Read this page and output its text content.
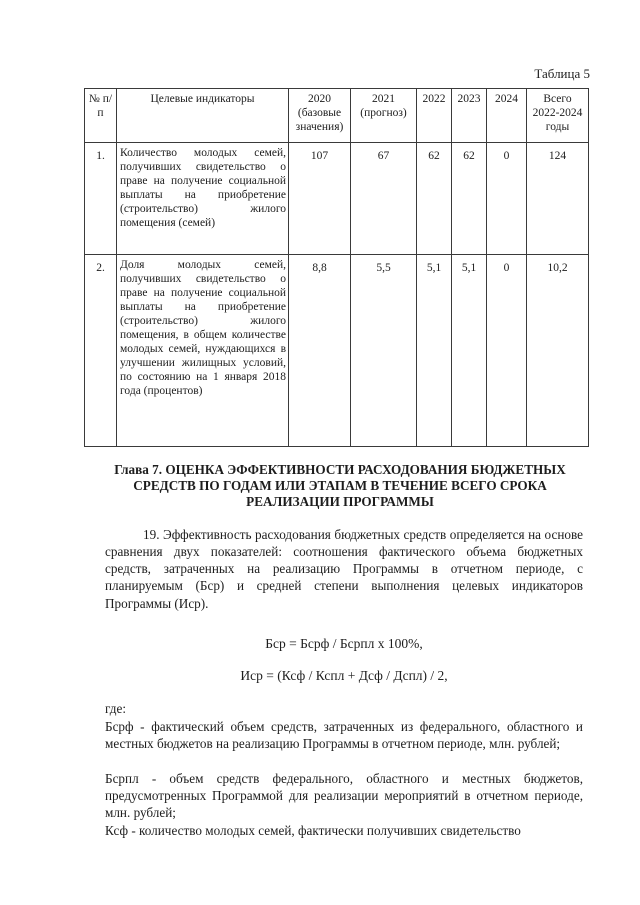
Таблица 5
№ п/п	Целевые индикаторы	2020 (базовые значения)	2021 (прогноз)	2022	2023	2024	Всего 2022-2024 годы
1.	Количество молодых семей, получивших свидетельство о праве на получение социальной выплаты на приобретение (строительство) жилого помещения (семей)	107	67	62	62	0	124
2.	Доля молодых семей, получивших свидетельство о праве на получение социальной выплаты на приобретение (строительство) жилого помещения, в общем количестве молодых семей, нуждающихся в улучшении жилищных условий, по состоянию на 1 января 2018 года (процентов)	8,8	5,5	5,1	5,1	0	10,2
Глава 7. ОЦЕНКА ЭФФЕКТИВНОСТИ РАСХОДОВАНИЯ БЮДЖЕТНЫХ СРЕДСТВ ПО ГОДАМ ИЛИ ЭТАПАМ В ТЕЧЕНИЕ ВСЕГО СРОКА РЕАЛИЗАЦИИ ПРОГРАММЫ
19. Эффективность расходования бюджетных средств определяется на основе сравнения двух показателей: соотношения фактического объема бюджетных средств, затраченных на реализацию Программы в отчетном периоде, с планируемым (Бср) и средней степени выполнения целевых индикаторов Программы (Иср).
Бср = Бсрф / Бсрпл x 100%,
Иср = (Ксф / Кспл + Дсф / Дспл) / 2,
где:
Бсрф - фактический объем средств, затраченных из федерального, областного и местных бюджетов на реализацию Программы в отчетном периоде, млн. рублей;
Бсрпл - объем средств федерального, областного и местных бюджетов, предусмотренных Программой для реализации мероприятий в отчетном периоде, млн. рублей;
Ксф - количество молодых семей, фактически получивших свидетельство
